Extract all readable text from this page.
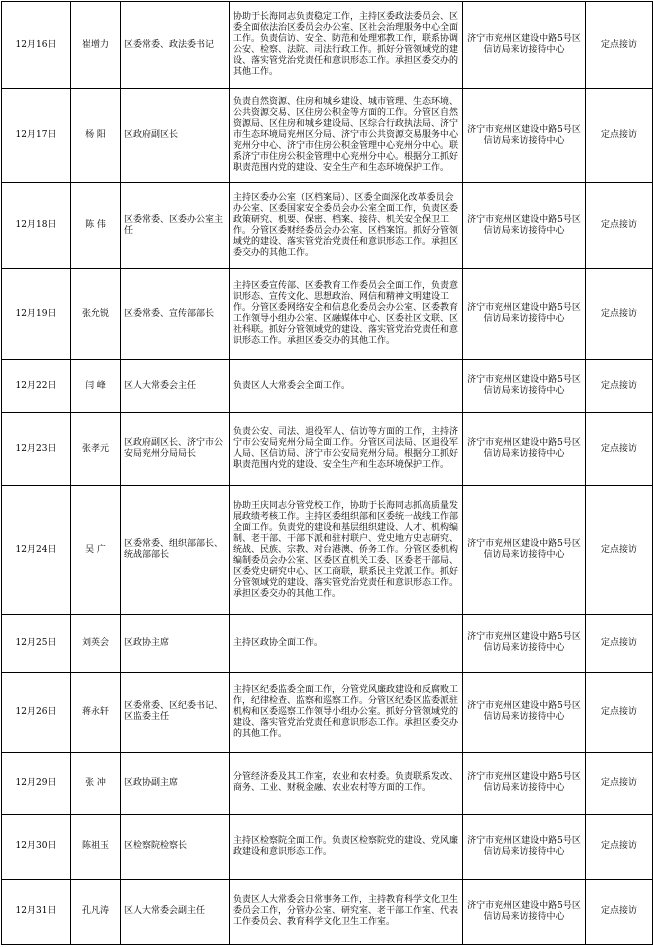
12月16日	崔增力	区委常委、政法委书记	协助于长海同志负责稳定工作，主持区委政法委员会、区委全面依法治区委员会办公室、区社会治理服务中心全面工作。负责信访、安全、防范和处理邪教工作，联系协调公安、检察、法院、司法行政工作。抓好分管领域党的建设、落实管党治党责任和意识形态工作。承担区委交办的其他工作。	济宁市兖州区建设中路5号区信访局来访接待中心	定点接访
12月17日	杨 阳	区政府副区长	负责自然资源、住房和城乡建设、城市管理、生态环境、公共资源交易、区住房公积金等方面的工作。分管区自然资源局、区住房和城乡建设局、区综合行政执法局、济宁市生态环境局兖州区分局、济宁市公共资源交易服务中心兖州分中心、济宁市住房公积金管理中心兖州分中心。联系济宁市住房公积金管理中心兖州分中心。根据分工抓好职责范围内党的建设、安全生产和生态环境保护工作。	济宁市兖州区建设中路5号区信访局来访接待中心	定点接访
12月18日	陈 伟	区委常委、区委办公室主任	主持区委办公室（区档案局）、区委全面深化改革委员会办公室、区委国家安全委员会办公室全面工作，负责区委政策研究、机要、保密、档案、接待、机关安全保卫工作。分管区委财经委员会办公室、区档案馆。抓好分管领域党的建设、落实管党治党责任和意识形态工作。承担区委交办的其他工作。	济宁市兖州区建设中路5号区信访局来访接待中心	定点接访
12月19日	张允锐	区委常委、宣传部部长	主持区委宣传部、区委教育工作委员会全面工作，负责意识形态、宣传文化、思想政治、网信和精神文明建设工作。分管区委网络安全和信息化委员会办公室、区委教育工作领导小组办公室、区融媒体中心、区委社区文联、区社科联。抓好分管领域党的建设、落实管党治党责任和意识形态工作。承担区委交办的其他工作。	济宁市兖州区建设中路5号区信访局来访接待中心	定点接访
12月22日	闫 峰	区人大常委会主任	负责区人大常委会全面工作。	济宁市兖州区建设中路5号区信访局来访接待中心	定点接访
12月23日	张孝元	区政府副区长、济宁市公安局兖州分局局长	负责公安、司法、退役军人、信访等方面的工作，主持济宁市公安局兖州分局全面工作。分管区司法局、区退役军人局、区信访局、济宁市公安局兖州分局。根据分工抓好职责范围内党的建设、安全生产和生态环境保护工作。	济宁市兖州区建设中路5号区信访局来访接待中心	定点接访
12月24日	吴 广	区委常委、组织部部长、统战部部长	协助王庆同志分管党校工作，协助于长海同志抓高质量发展政绩考核工作。主持区委组织部和区委统一战线工作部全面工作。负责党的建设和基层组织建设、人才、机构编制、老干部、干部下派和驻村联户、党史地方史志研究、统战、民族、宗教、对台港澳、侨务工作。分管区委机构编制委员会办公室、区委区直机关工委、区委老干部局、区委党史研究中心、区工商联，联系民主党派工作。抓好分管领域党的建设、落实管党治党责任和意识形态工作。承担区委交办的其他工作。	济宁市兖州区建设中路5号区信访局来访接待中心	定点接访
12月25日	刘英会	区政协主席	主持区政协全面工作。	济宁市兖州区建设中路5号区信访局来访接待中心	定点接访
12月26日	蒋永轩	区委常委、区纪委书记、区监委主任	主持区纪委监委全面工作，分管党风廉政建设和反腐败工作，纪律检查、监察和巡察工作。分管区纪委区监委派驻机构和区委巡察工作领导小组办公室。抓好分管领域党的建设、落实管党治党责任和意识形态工作。承担区委交办的其他工作。	济宁市兖州区建设中路5号区信访局来访接待中心	定点接访
12月29日	张 冲	区政协副主席	分管经济委及其工作室，农业和农村委。负责联系发改、商务、工业、财税金融、农业农村等方面的工作。	济宁市兖州区建设中路5号区信访局来访接待中心	定点接访
12月30日	陈祖玉	区检察院检察长	主持区检察院全面工作。负责区检察院党的建设、党风廉政建设和意识形态工作。	济宁市兖州区建设中路5号区信访局来访接待中心	定点接访
12月31日	孔凡涛	区人大常委会副主任	负责区人大常委会日常事务工作，主持教育科学文化卫生委员会工作，分管办公室、研究室、老干部工作室、代表工作委员会、教育科学文化卫生工作室。	济宁市兖州区建设中路5号区信访局来访接待中心	定点接访
